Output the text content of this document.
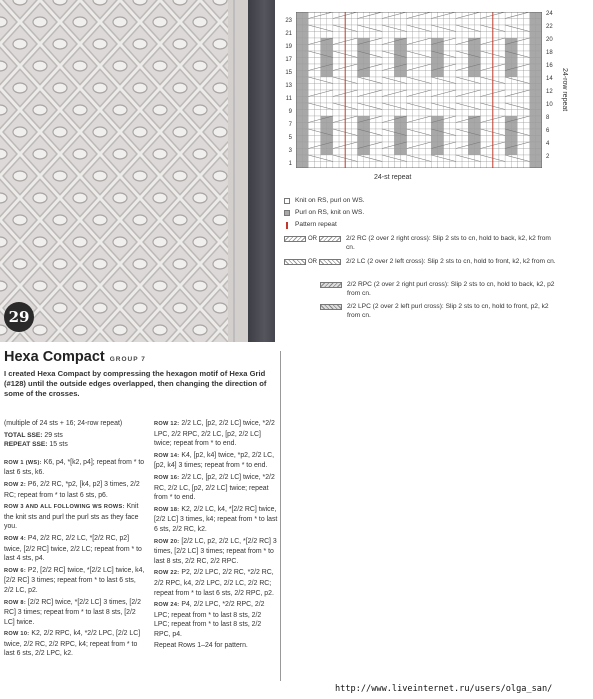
29
24
23
22
21
20
19
18
17
16
15
14
13
12
11
10
9
8
7
6
5
4
3
2
1
24-st repeat
24-row repeat
Knit on RS, purl on WS.
Purl on RS, knit on WS.
Pattern repeat
OR	2/2 RC (2 over 2 right cross): Slip 2 sts to cn, hold to back, k2, k2 from cn.
OR	2/2 LC (2 over 2 left cross): Slip 2 sts to cn, hold to front, k2, k2 from cn.
2/2 RPC (2 over 2 right purl cross): Slip 2 sts to cn, hold to back, k2, p2 from cn.
2/2 LPC (2 over 2 left purl cross): Slip 2 sts to cn, hold to front, p2, k2 from cn.
Hexa Compact GROUP 7
I created Hexa Compact by compressing the hexagon motif of Hexa Grid (#128) until the outside edges overlapped, then changing the direction of some of the crosses.
(multiple of 24 sts + 16; 24-row repeat)
TOTAL SSE: 29 sts
REPEAT SSE: 15 sts
ROW 1 (WS): K6, p4, *[k2, p4]; repeat from * to last 6 sts, k6.
ROW 2: P6, 2/2 RC, *p2, [k4, p2] 3 times, 2/2 RC; repeat from * to last 6 sts, p6.
ROW 3 AND ALL FOLLOWING WS ROWS: Knit the knit sts and purl the purl sts as they face you.
ROW 4: P4, 2/2 RC, 2/2 LC, *[2/2 RC, p2] twice, [2/2 RC] twice, 2/2 LC; repeat from * to last 4 sts, p4.
ROW 6: P2, [2/2 RC] twice, *[2/2 LC] twice, k4, [2/2 RC] 3 times; repeat from * to last 6 sts, 2/2 LC, p2.
ROW 8: [2/2 RC] twice, *[2/2 LC] 3 times, [2/2 RC] 3 times; repeat from * to last 8 sts, [2/2 LC] twice.
ROW 10: K2, 2/2 RPC, k4, *2/2 LPC, [2/2 LC] twice, 2/2 RC, 2/2 RPC, k4; repeat from * to last 6 sts, 2/2 LPC, k2.
ROW 12: 2/2 LC, [p2, 2/2 LC] twice, *2/2 LPC, 2/2 RPC, 2/2 LC, [p2, 2/2 LC] twice; repeat from * to end.
ROW 14: K4, [p2, k4] twice, *p2, 2/2 LC, [p2, k4] 3 times; repeat from * to end.
ROW 16: 2/2 LC, [p2, 2/2 LC] twice, *2/2 RC, 2/2 LC, [p2, 2/2 LC] twice; repeat from * to end.
ROW 18: K2, 2/2 LC, k4, *[2/2 RC] twice, [2/2 LC] 3 times, k4; repeat from * to last 6 sts, 2/2 RC, k2.
ROW 20: [2/2 LC, p2, 2/2 LC, *[2/2 RC] 3 times, [2/2 LC] 3 times; repeat from * to last 8 sts, 2/2 RC, 2/2 RPC.
ROW 22: P2, 2/2 LPC, 2/2 RC, *2/2 RC, 2/2 RPC, k4, 2/2 LPC, 2/2 LC, 2/2 RC; repeat from * to last 6 sts, 2/2 RPC, p2.
ROW 24: P4, 2/2 LPC, *2/2 RPC, 2/2 LPC; repeat from * to last 8 sts, 2/2 LPC; repeat from * to last 8 sts, 2/2 RPC, p4.
Repeat Rows 1–24 for pattern.
http://www.liveinternet.ru/users/olga_san/
